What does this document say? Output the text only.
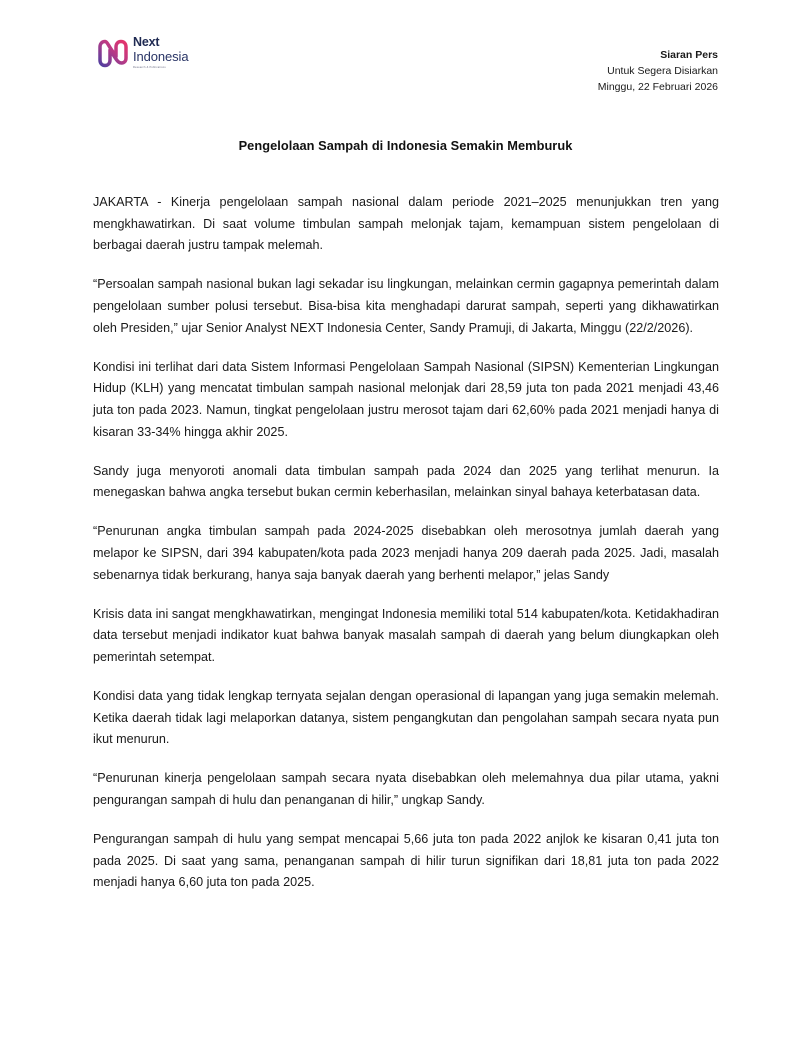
Next
Indonesia
Research & Publications
Siaran Pers
Untuk Segera Disiarkan
Minggu, 22 Februari 2026
Pengelolaan Sampah di Indonesia Semakin Memburuk

JAKARTA - Kinerja pengelolaan sampah nasional dalam periode 2021–2025 menunjukkan tren yang mengkhawatirkan. Di saat volume timbulan sampah melonjak tajam, kemampuan sistem pengelolaan di berbagai daerah justru tampak melemah.

“Persoalan sampah nasional bukan lagi sekadar isu lingkungan, melainkan cermin gagapnya pemerintah dalam pengelolaan sumber polusi tersebut. Bisa-bisa kita menghadapi darurat sampah, seperti yang dikhawatirkan oleh Presiden,” ujar Senior Analyst NEXT Indonesia Center, Sandy Pramuji, di Jakarta, Minggu (22/2/2026).

Kondisi ini terlihat dari data Sistem Informasi Pengelolaan Sampah Nasional (SIPSN) Kementerian Lingkungan Hidup (KLH) yang mencatat timbulan sampah nasional melonjak dari 28,59 juta ton pada 2021 menjadi 43,46 juta ton pada 2023. Namun, tingkat pengelolaan justru merosot tajam dari 62,60% pada 2021 menjadi hanya di kisaran 33-34% hingga akhir 2025.

Sandy juga menyoroti anomali data timbulan sampah pada 2024 dan 2025 yang terlihat menurun. Ia menegaskan bahwa angka tersebut bukan cermin keberhasilan, melainkan sinyal bahaya keterbatasan data.

“Penurunan angka timbulan sampah pada 2024-2025 disebabkan oleh merosotnya jumlah daerah yang melapor ke SIPSN, dari 394 kabupaten/kota pada 2023 menjadi hanya 209 daerah pada 2025. Jadi, masalah sebenarnya tidak berkurang, hanya saja banyak daerah yang berhenti melapor,” jelas Sandy

Krisis data ini sangat mengkhawatirkan, mengingat Indonesia memiliki total 514 kabupaten/kota. Ketidakhadiran data tersebut menjadi indikator kuat bahwa banyak masalah sampah di daerah yang belum diungkapkan oleh pemerintah setempat.

Kondisi data yang tidak lengkap ternyata sejalan dengan operasional di lapangan yang juga semakin melemah. Ketika daerah tidak lagi melaporkan datanya, sistem pengangkutan dan pengolahan sampah secara nyata pun ikut menurun.

“Penurunan kinerja pengelolaan sampah secara nyata disebabkan oleh melemahnya dua pilar utama, yakni pengurangan sampah di hulu dan penanganan di hilir,” ungkap Sandy.

Pengurangan sampah di hulu yang sempat mencapai 5,66 juta ton pada 2022 anjlok ke kisaran 0,41 juta ton pada 2025. Di saat yang sama, penanganan sampah di hilir turun signifikan dari 18,81 juta ton pada 2022 menjadi hanya 6,60 juta ton pada 2025.
